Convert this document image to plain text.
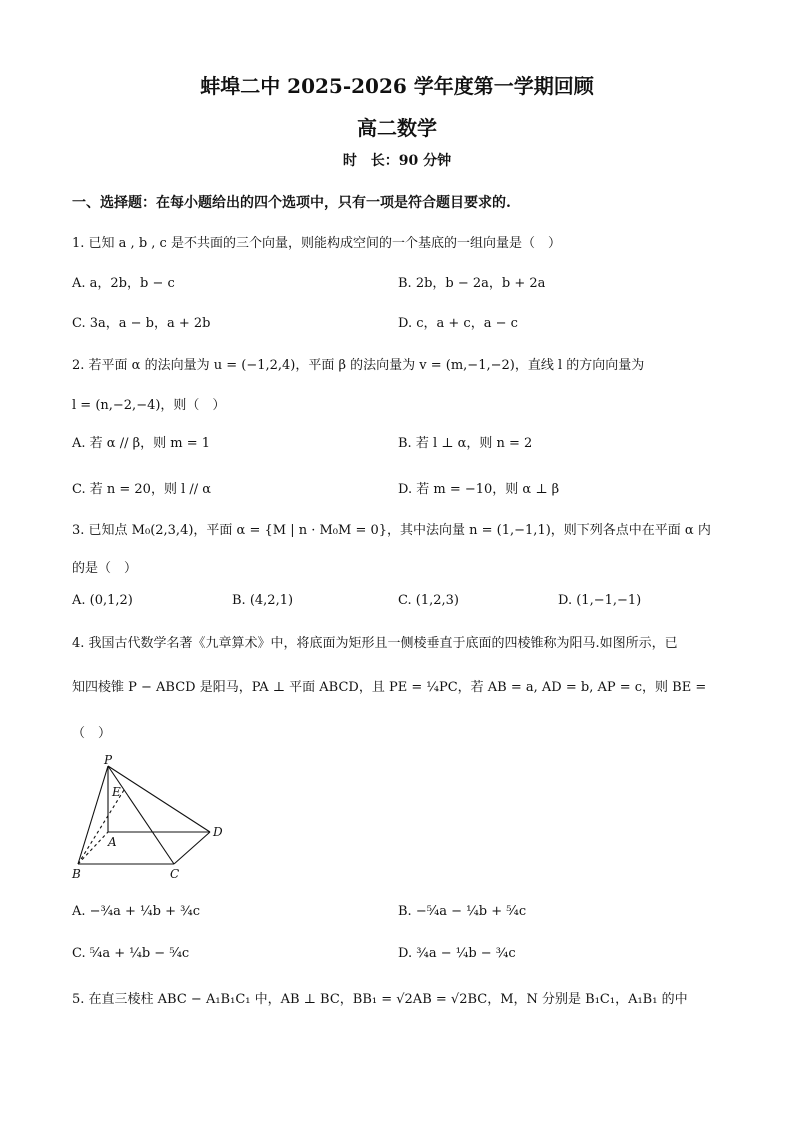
蚌埠二中 2025-2026 学年度第一学期回顾
高二数学
时　长：90 分钟
一、选择题：在每小题给出的四个选项中，只有一项是符合题目要求的.
1. 已知 a , b , c 是不共面的三个向量，则能构成空间的一个基底的一组向量是（　）
A. a，2b，b − c	B. 2b，b − 2a，b + 2a
C. 3a，a − b，a + 2b	D. c，a + c，a − c
2. 若平面 α 的法向量为 u = (−1,2,4)，平面 β 的法向量为 v = (m,−1,−2)，直线 l 的方向向量为
l = (n,−2,−4)，则（　）
A. 若 α // β，则 m = 1	B. 若 l ⊥ α，则 n = 2
C. 若 n = 20，则 l // α	D. 若 m = −10，则 α ⊥ β
3. 已知点 M₀(2,3,4)，平面 α = {M | n · M₀M = 0}，其中法向量 n = (1,−1,1)，则下列各点中在平面 α 内
的是（　）
A. (0,1,2)	B. (4,2,1)	C. (1,2,3)	D. (1,−1,−1)
4. 我国古代数学名著《九章算术》中，将底面为矩形且一侧棱垂直于底面的四棱锥称为阳马.如图所示，已
知四棱锥 P − ABCD 是阳马，PA ⊥ 平面 ABCD，且 PE = ¼PC，若 AB = a, AD = b, AP = c，则 BE =
（　）
P
E
A
B	C
D
A. −¾a + ¼b + ¾c	B. −⁵⁄₄a − ¼b + ⁵⁄₄c
C. ⁵⁄₄a + ¼b − ⁵⁄₄c	D. ¾a − ¼b − ¾c
5. 在直三棱柱 ABC − A₁B₁C₁ 中，AB ⊥ BC，BB₁ = √2AB = √2BC，M，N 分别是 B₁C₁，A₁B₁ 的中
